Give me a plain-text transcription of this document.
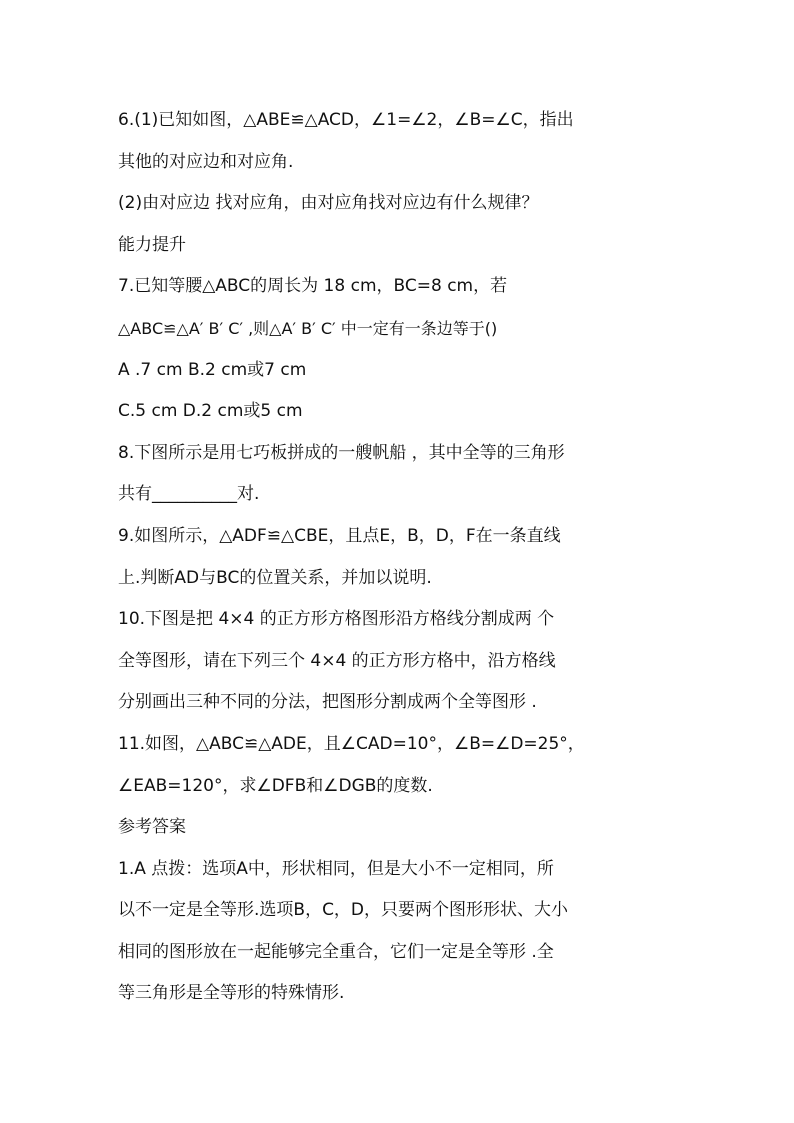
6.(1)已知如图，△ABE≌△ACD，∠1=∠2，∠B=∠C，指出
其他的对应边和对应角.
(2)由对应边 找对应角，由对应角找对应边有什么规律？
能力提升
7.已知等腰△ABC的周长为 18 cm，BC=8 cm，若
△ABC≌△A′ B′ C′ ,则△A′ B′ C′ 中一定有一条边等于()
A .7 cm B.2 cm或7 cm
C.5 cm D.2 cm或5 cm
8.下图所示是用七巧板拼成的一艘帆船 ，其中全等的三角形
共有__________对.
9.如图所示，△ADF≌△CBE，且点E，B，D，F在一条直线
上.判断AD与BC的位置关系，并加以说明.
10.下图是把 4×4 的正方形方格图形沿方格线分割成两 个
全等图形，请在下列三个 4×4 的正方形方格中，沿方格线
分别画出三种不同的分法，把图形分割成两个全等图形 .
11.如图，△ABC≌△ADE，且∠CAD=10°，∠B=∠D=25°，
∠EAB=120°，求∠DFB和∠DGB的度数.
参考答案
1.A 点拨：选项A中，形状相同，但是大小不一定相同，所
以不一定是全等形.选项B，C，D，只要两个图形形状、大小
相同的图形放在一起能够完全重合，它们一定是全等形 .全
等三角形是全等形的特殊情形.
